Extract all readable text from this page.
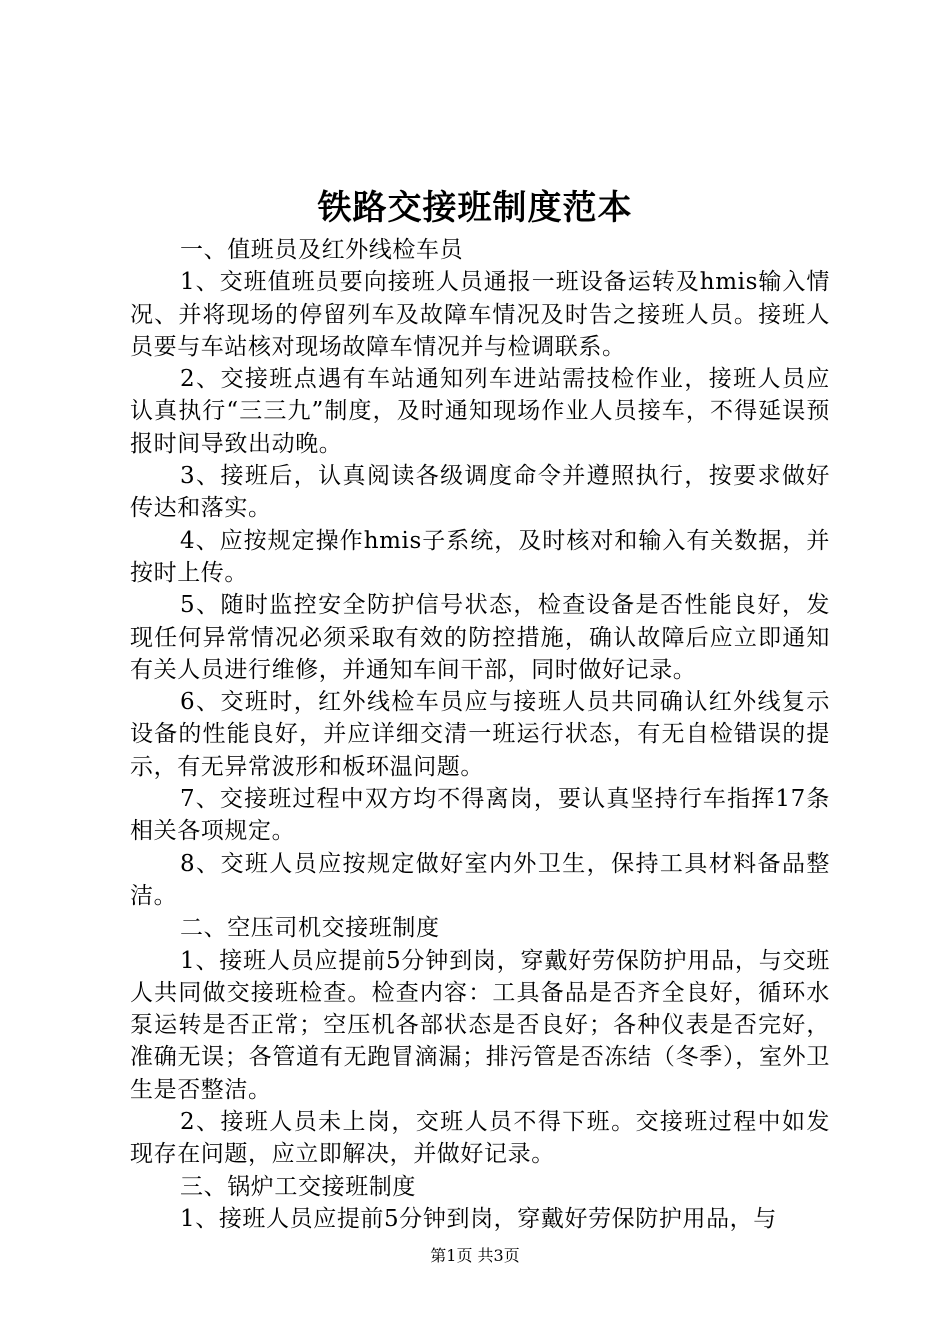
铁路交接班制度范本

一、值班员及红外线检车员

1、交班值班员要向接班人员通报一班设备运转及hmis输入情况、并将现场的停留列车及故障车情况及时告之接班人员。接班人员要与车站核对现场故障车情况并与检调联系。

2、交接班点遇有车站通知列车进站需技检作业，接班人员应认真执行“三三九”制度，及时通知现场作业人员接车，不得延误预报时间导致出动晚。

3、接班后，认真阅读各级调度命令并遵照执行，按要求做好传达和落实。

4、应按规定操作hmis子系统，及时核对和输入有关数据，并按时上传。

5、随时监控安全防护信号状态，检查设备是否性能良好，发现任何异常情况必须采取有效的防控措施，确认故障后应立即通知有关人员进行维修，并通知车间干部，同时做好记录。

6、交班时，红外线检车员应与接班人员共同确认红外线复示设备的性能良好，并应详细交清一班运行状态，有无自检错误的提示，有无异常波形和板环温问题。

7、交接班过程中双方均不得离岗，要认真坚持行车指挥17条相关各项规定。

8、交班人员应按规定做好室内外卫生，保持工具材料备品整洁。

二、空压司机交接班制度

1、接班人员应提前5分钟到岗，穿戴好劳保防护用品，与交班人共同做交接班检查。检查内容：工具备品是否齐全良好，循环水泵运转是否正常；空压机各部状态是否良好；各种仪表是否完好，准确无误；各管道有无跑冒滴漏；排污管是否冻结（冬季），室外卫生是否整洁。

2、接班人员未上岗，交班人员不得下班。交接班过程中如发现存在问题，应立即解决，并做好记录。

三、锅炉工交接班制度

1、接班人员应提前5分钟到岗，穿戴好劳保防护用品，与

第1页 共3页
